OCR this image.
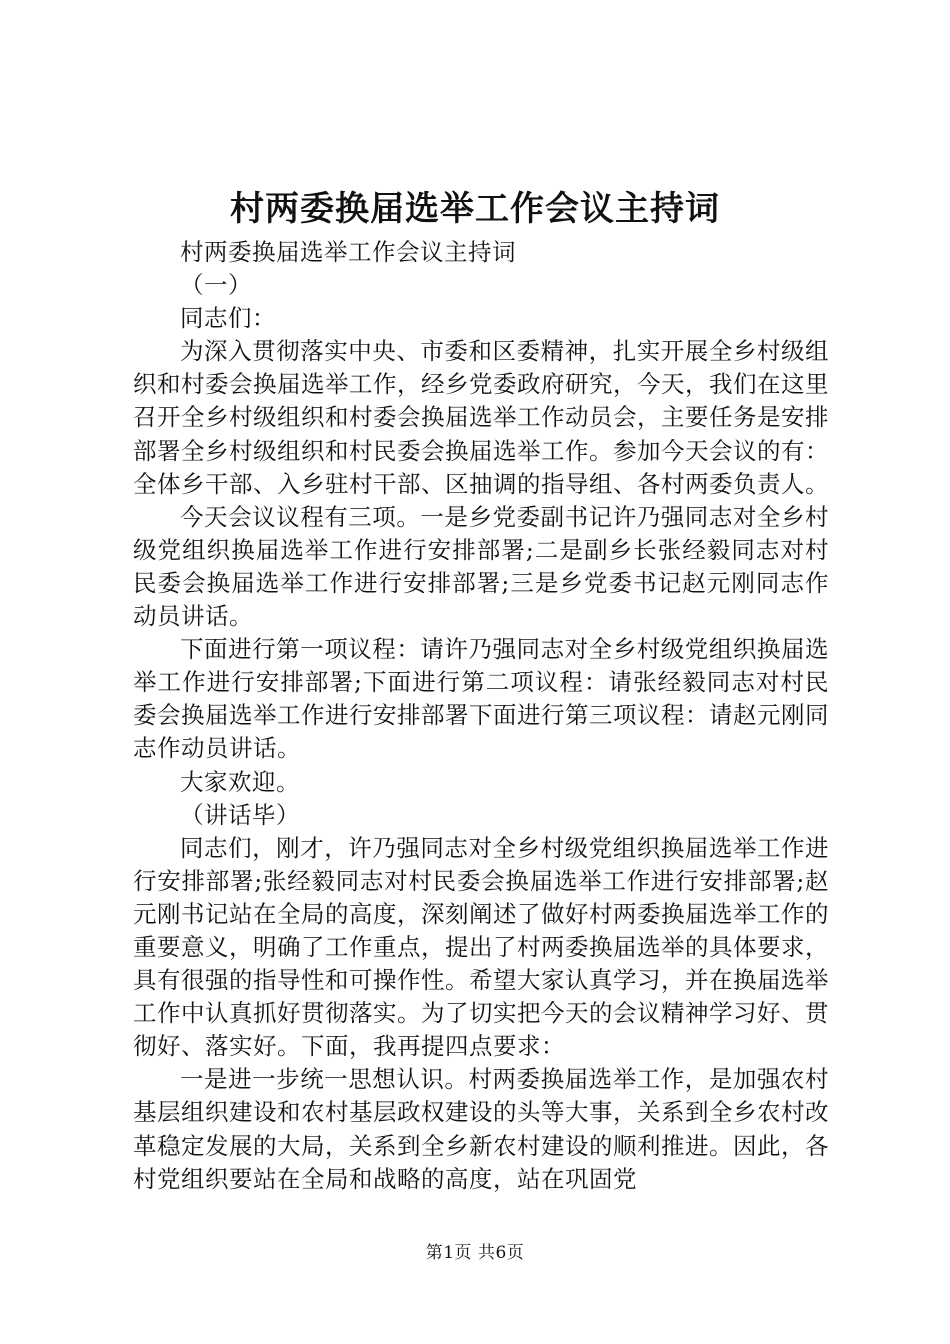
村两委换届选举工作会议主持词

村两委换届选举工作会议主持词

（一）

同志们：

为深入贯彻落实中央、市委和区委精神，扎实开展全乡村级组织和村委会换届选举工作，经乡党委政府研究，今天，我们在这里召开全乡村级组织和村委会换届选举工作动员会，主要任务是安排部署全乡村级组织和村民委会换届选举工作。参加今天会议的有：全体乡干部、入乡驻村干部、区抽调的指导组、各村两委负责人。

今天会议议程有三项。一是乡党委副书记许乃强同志对全乡村级党组织换届选举工作进行安排部署;二是副乡长张经毅同志对村民委会换届选举工作进行安排部署;三是乡党委书记赵元刚同志作动员讲话。

下面进行第一项议程：请许乃强同志对全乡村级党组织换届选举工作进行安排部署;下面进行第二项议程：请张经毅同志对村民委会换届选举工作进行安排部署下面进行第三项议程：请赵元刚同志作动员讲话。

大家欢迎。

（讲话毕）

同志们，刚才，许乃强同志对全乡村级党组织换届选举工作进行安排部署;张经毅同志对村民委会换届选举工作进行安排部署;赵元刚书记站在全局的高度，深刻阐述了做好村两委换届选举工作的重要意义，明确了工作重点，提出了村两委换届选举的具体要求，具有很强的指导性和可操作性。希望大家认真学习，并在换届选举工作中认真抓好贯彻落实。为了切实把今天的会议精神学习好、贯彻好、落实好。下面，我再提四点要求：

一是进一步统一思想认识。村两委换届选举工作，是加强农村基层组织建设和农村基层政权建设的头等大事，关系到全乡农村改革稳定发展的大局，关系到全乡新农村建设的顺利推进。因此，各村党组织要站在全局和战略的高度，站在巩固党

第1页 共6页
